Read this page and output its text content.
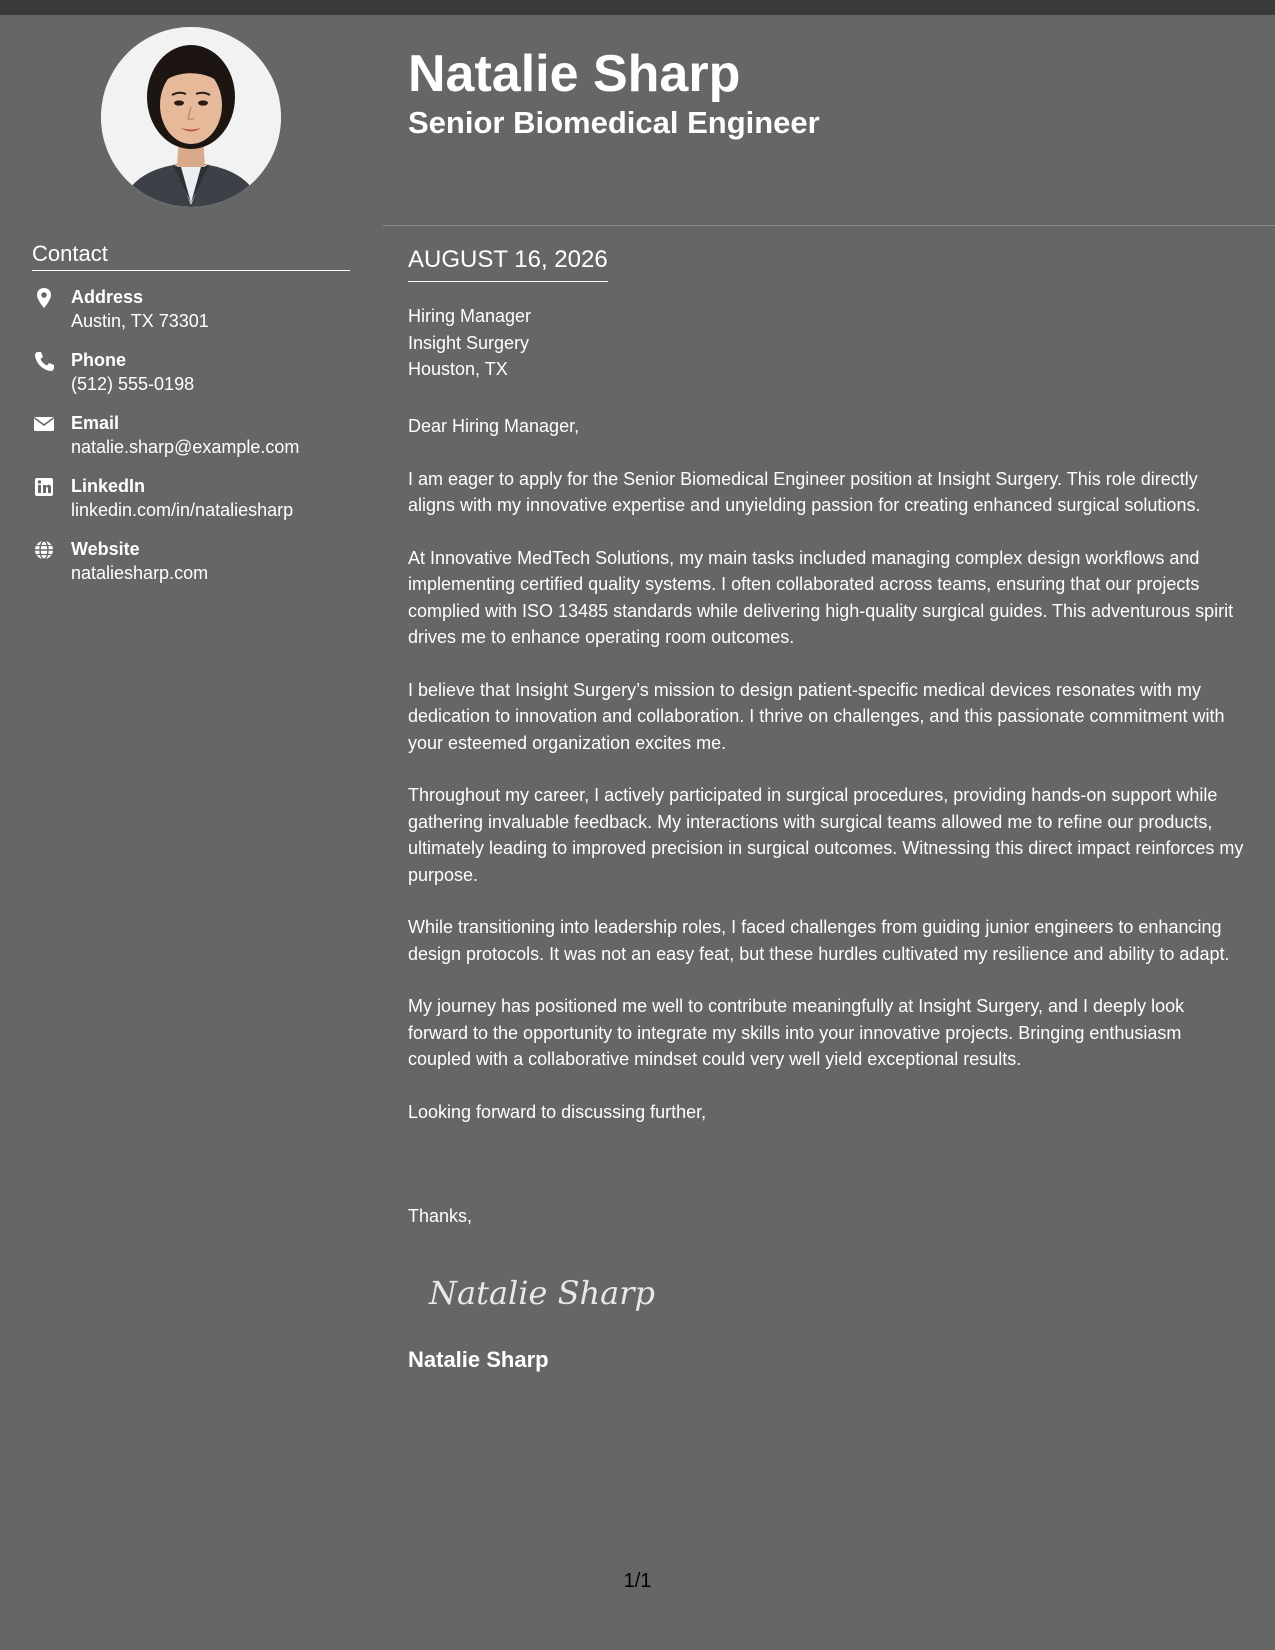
Contact
Address
Austin, TX 73301
Phone
(512) 555-0198
Email
natalie.sharp@example.com
LinkedIn
linkedin.com/in/nataliesharp
Website
nataliesharp.com
Natalie Sharp
Senior Biomedical Engineer
AUGUST 16, 2026
Hiring Manager
Insight Surgery
Houston, TX

Dear Hiring Manager,

I am eager to apply for the Senior Biomedical Engineer position at Insight Surgery. This role directly aligns with my innovative expertise and unyielding passion for creating enhanced surgical solutions.

At Innovative MedTech Solutions, my main tasks included managing complex design workflows and implementing certified quality systems. I often collaborated across teams, ensuring that our projects complied with ISO 13485 standards while delivering high-quality surgical guides. This adventurous spirit drives me to enhance operating room outcomes.

I believe that Insight Surgery’s mission to design patient-specific medical devices resonates with my dedication to innovation and collaboration. I thrive on challenges, and this passionate commitment with your esteemed organization excites me.

Throughout my career, I actively participated in surgical procedures, providing hands-on support while gathering invaluable feedback. My interactions with surgical teams allowed me to refine our products, ultimately leading to improved precision in surgical outcomes. Witnessing this direct impact reinforces my purpose.

While transitioning into leadership roles, I faced challenges from guiding junior engineers to enhancing design protocols. It was not an easy feat, but these hurdles cultivated my resilience and ability to adapt.

My journey has positioned me well to contribute meaningfully at Insight Surgery, and I deeply look forward to the opportunity to integrate my skills into your innovative projects. Bringing enthusiasm coupled with a collaborative mindset could very well yield exceptional results.

Looking forward to discussing further,

Thanks,
Natalie Sharp
Natalie Sharp
1/1
